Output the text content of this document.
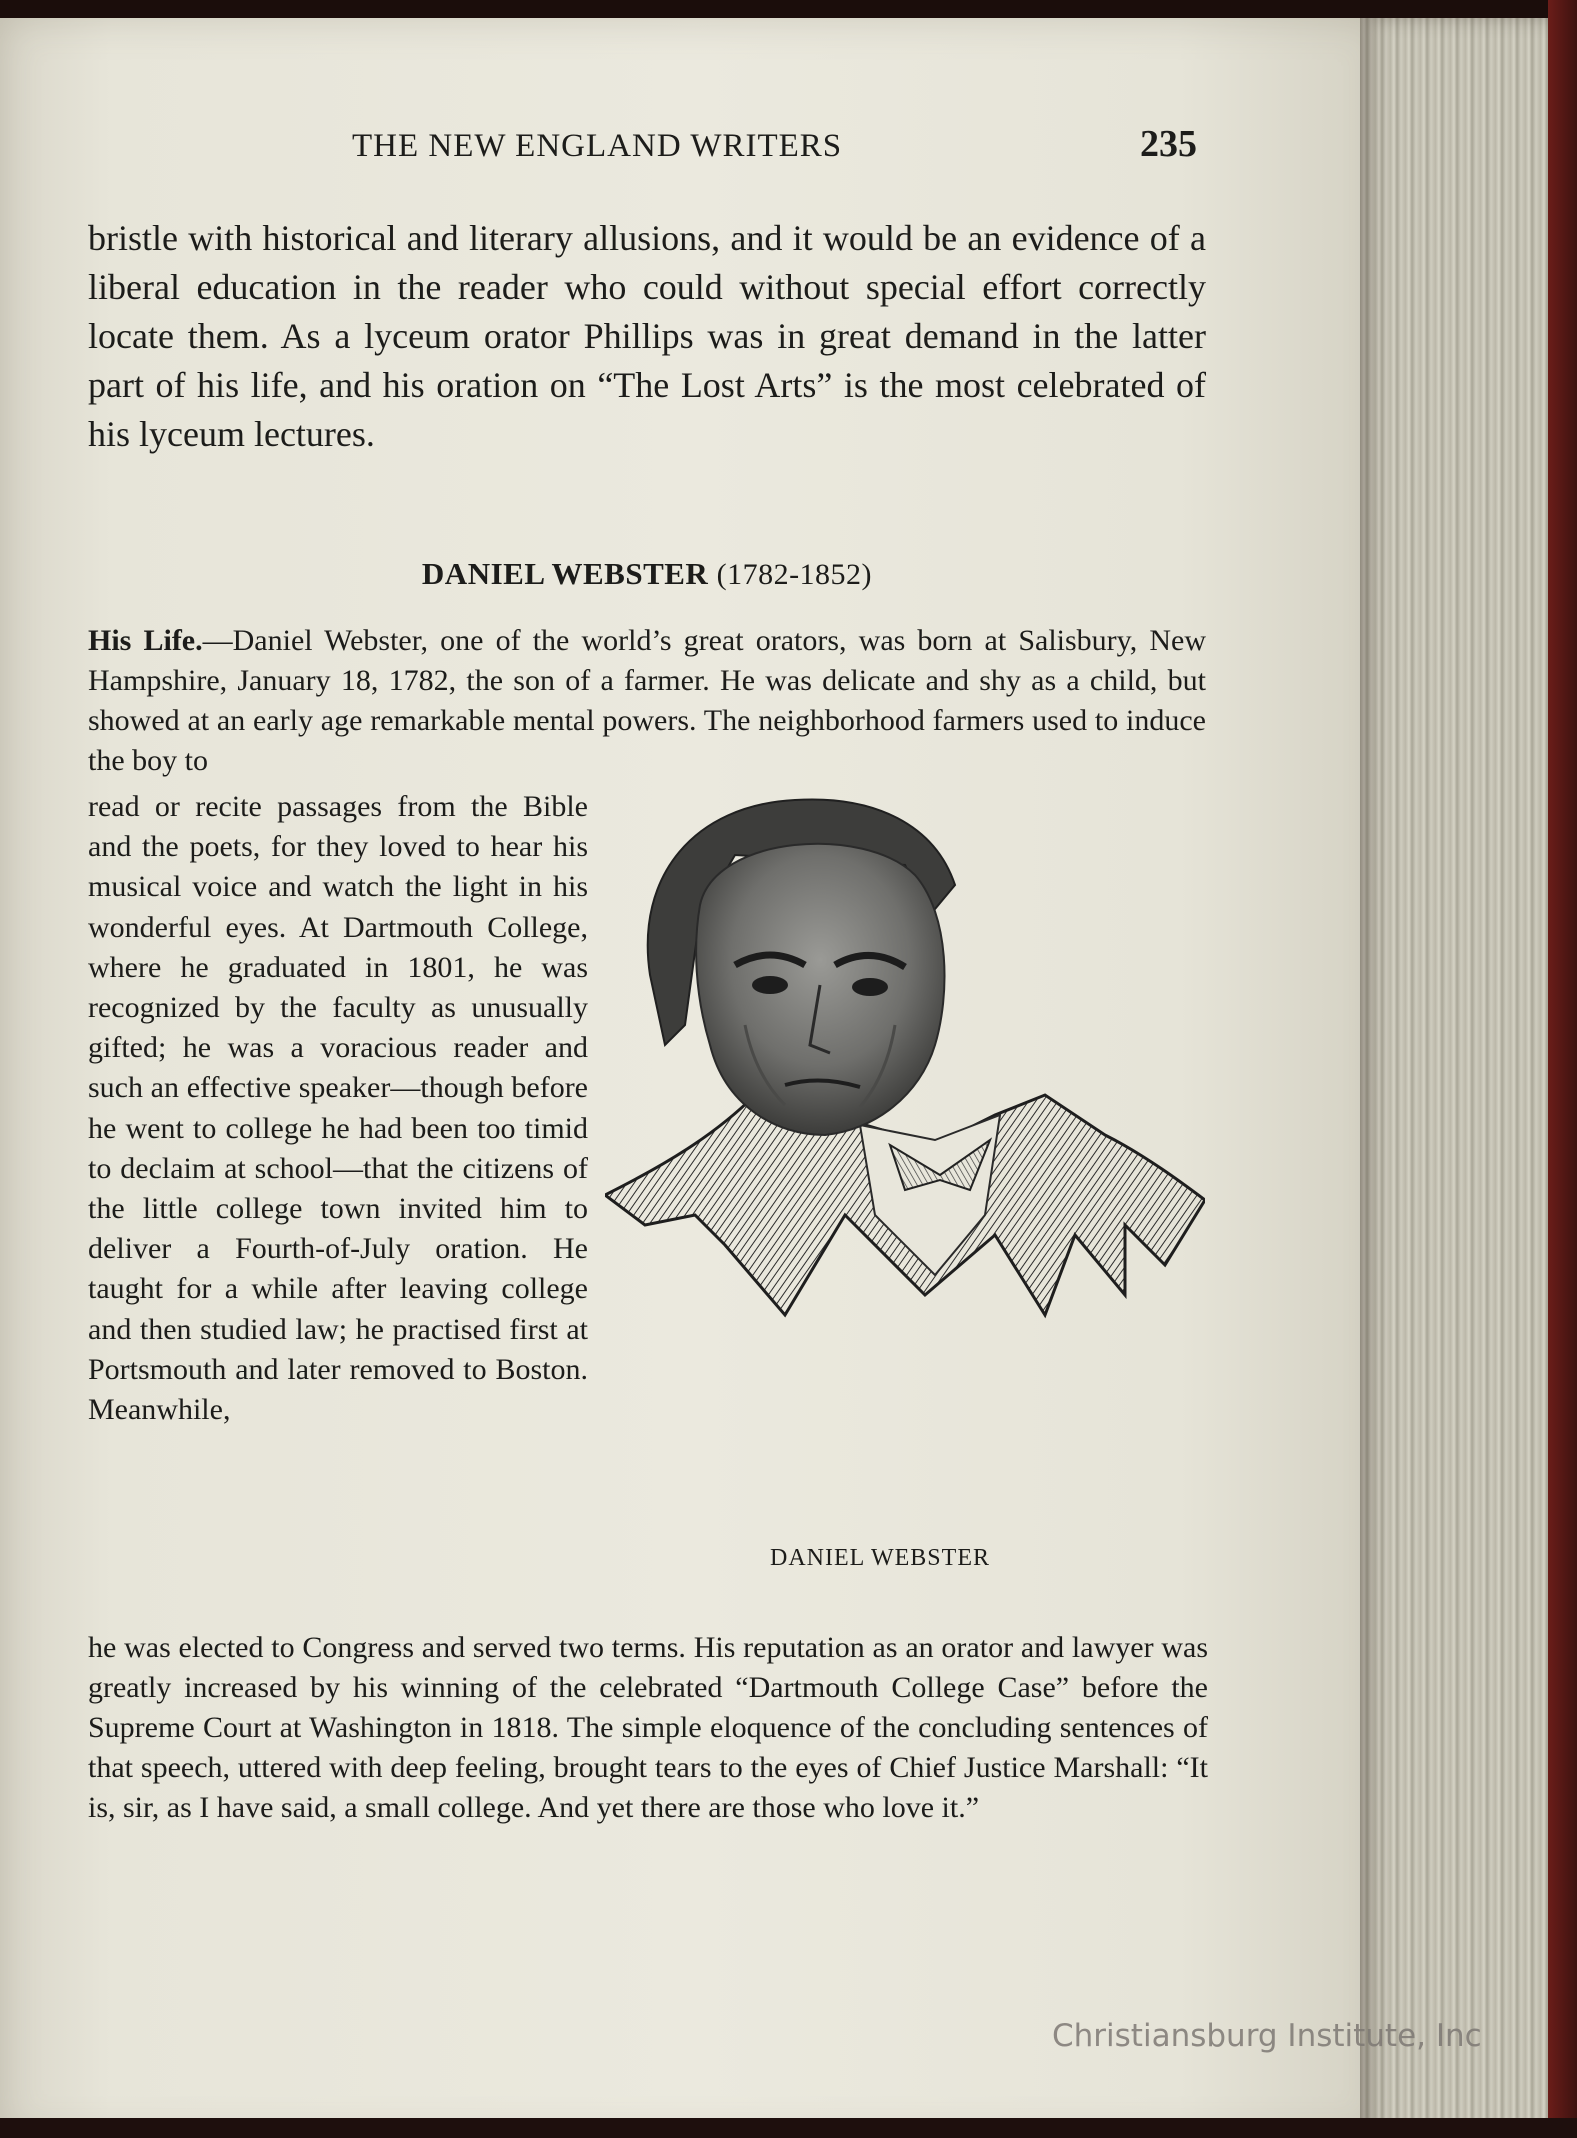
THE NEW ENGLAND WRITERS	235

bristle with historical and literary allusions, and it would be an evidence of a liberal education in the reader who could without special effort correctly locate them. As a lyceum orator Phillips was in great demand in the latter part of his life, and his oration on “The Lost Arts” is the most celebrated of his lyceum lectures.

DANIEL WEBSTER (1782-1852)

His Life.—Daniel Webster, one of the world’s great orators, was born at Salisbury, New Hampshire, January 18, 1782, the son of a farmer. He was delicate and shy as a child, but showed at an early age remarkable mental powers. The neighborhood farmers used to induce the boy to

read or recite passages from the Bible and the poets, for they loved to hear his musical voice and watch the light in his wonderful eyes. At Dartmouth College, where he graduated in 1801, he was recognized by the faculty as unusually gifted; he was a voracious reader and such an effective speaker—though before he went to college he had been too timid to declaim at school—that the citizens of the little college town invited him to deliver a Fourth-of-July oration. He taught for a while after leaving college and then studied law; he practised first at Portsmouth and later removed to Boston. Meanwhile,

DANIEL WEBSTER

he was elected to Congress and served two terms. His reputation as an orator and lawyer was greatly increased by his winning of the celebrated “Dartmouth College Case” before the Supreme Court at Washington in 1818. The simple eloquence of the concluding sentences of that speech, uttered with deep feeling, brought tears to the eyes of Chief Justice Marshall: “It is, sir, as I have said, a small college. And yet there are those who love it.”

Christiansburg Institute, Inc
